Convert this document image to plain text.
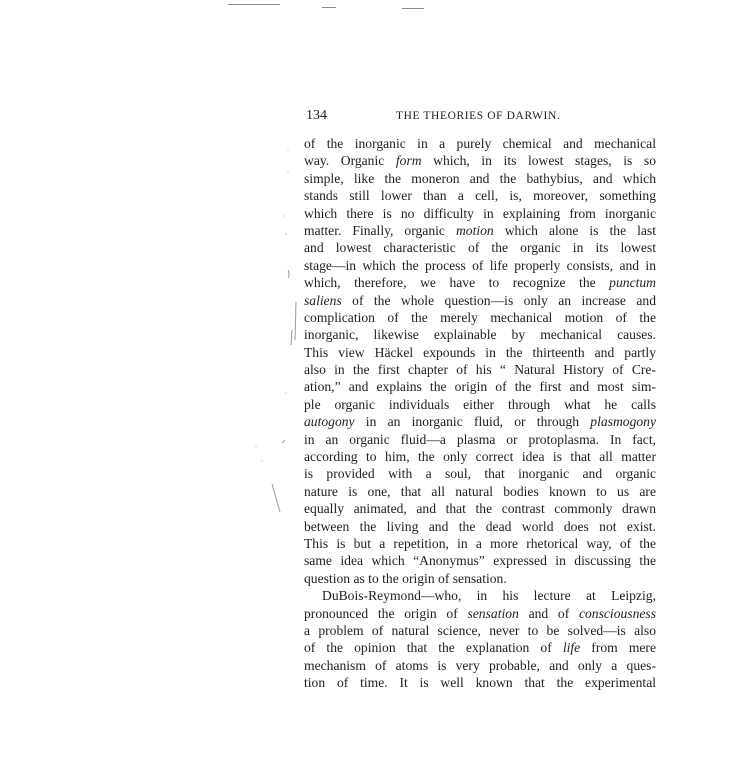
134	THE THEORIES OF DARWIN.
of the inorganic in a purely chemical and mechanical
way. Organic form which, in its lowest stages, is so
simple, like the moneron and the bathybius, and which
stands still lower than a cell, is, moreover, something
which there is no difficulty in explaining from inorganic
matter. Finally, organic motion which alone is the last
and lowest characteristic of the organic in its lowest
stage—in which the process of life properly consists, and in
which, therefore, we have to recognize the punctum
saliens of the whole question—is only an increase and
complication of the merely mechanical motion of the
inorganic, likewise explainable by mechanical causes.
This view Häckel expounds in the thirteenth and partly
also in the first chapter of his “ Natural History of Cre-
ation,” and explains the origin of the first and most sim-
ple organic individuals either through what he calls
autogony in an inorganic fluid, or through plasmogony
in an organic fluid—a plasma or protoplasma. In fact,
according to him, the only correct idea is that all matter
is provided with a soul, that inorganic and organic
nature is one, that all natural bodies known to us are
equally animated, and that the contrast commonly drawn
between the living and the dead world does not exist.
This is but a repetition, in a more rhetorical way, of the
same idea which “Anonymus” expressed in discussing the
question as to the origin of sensation.
DuBois-Reymond—who, in his lecture at Leipzig,
pronounced the origin of sensation and of consciousness
a problem of natural science, never to be solved—is also
of the opinion that the explanation of life from mere
mechanism of atoms is very probable, and only a ques-
tion of time. It is well known that the experimental
